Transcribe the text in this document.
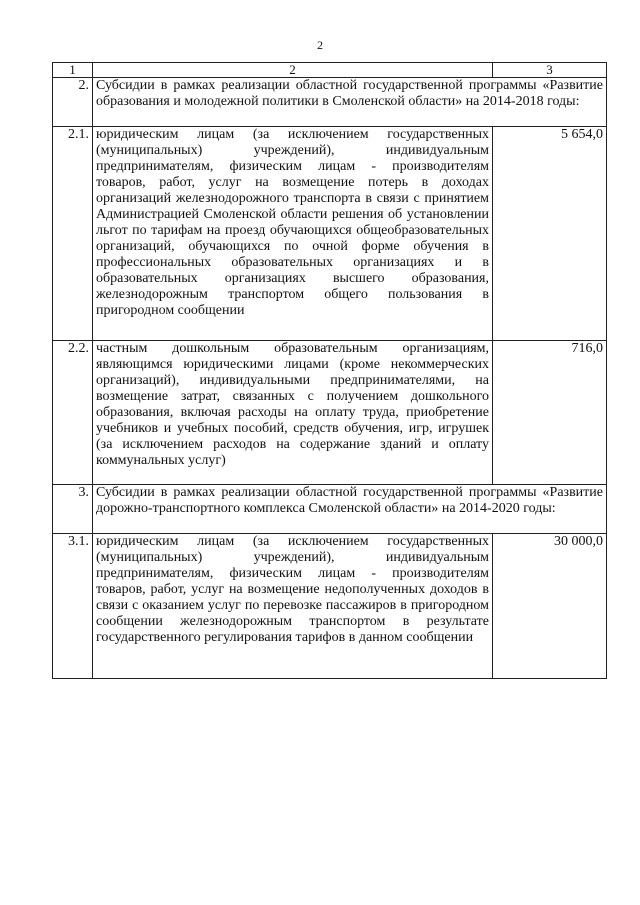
2
1	2	3
2.	Субсидии в рамках реализации областной государственной программы «Развитие образования и молодежной политики в Смоленской области» на 2014-2018 годы:	
2.1.	юридическим лицам (за исключением государственных (муниципальных) учреждений), индивидуальным предпринимателям, физическим лицам - производителям товаров, работ, услуг на возмещение потерь в доходах организаций железнодорожного транспорта в связи с принятием Администрацией Смоленской области решения об установлении льгот по тарифам на проезд обучающихся общеобразовательных организаций, обучающихся по очной форме обучения в профессиональных образовательных организациях и в образовательных организациях высшего образования, железнодорожным транспортом общего пользования в пригородном сообщении	5 654,0
2.2.	частным дошкольным образовательным организациям, являющимся юридическими лицами (кроме некоммерческих организаций), индивидуальными предпринимателями, на возмещение затрат, связанных с получением дошкольного образования, включая расходы на оплату труда, приобретение учебников и учебных пособий, средств обучения, игр, игрушек (за исключением расходов на содержание зданий и оплату коммунальных услуг)	716,0
3.	Субсидии в рамках реализации областной государственной программы «Развитие дорожно-транспортного комплекса Смоленской области» на 2014-2020 годы:	
3.1.	юридическим лицам (за исключением государственных (муниципальных) учреждений), индивидуальным предпринимателям, физическим лицам - производителям товаров, работ, услуг на возмещение недополученных доходов в связи с оказанием услуг по перевозке пассажиров в пригородном сообщении железнодорожным транспортом в результате государственного регулирования тарифов в данном сообщении	30 000,0
